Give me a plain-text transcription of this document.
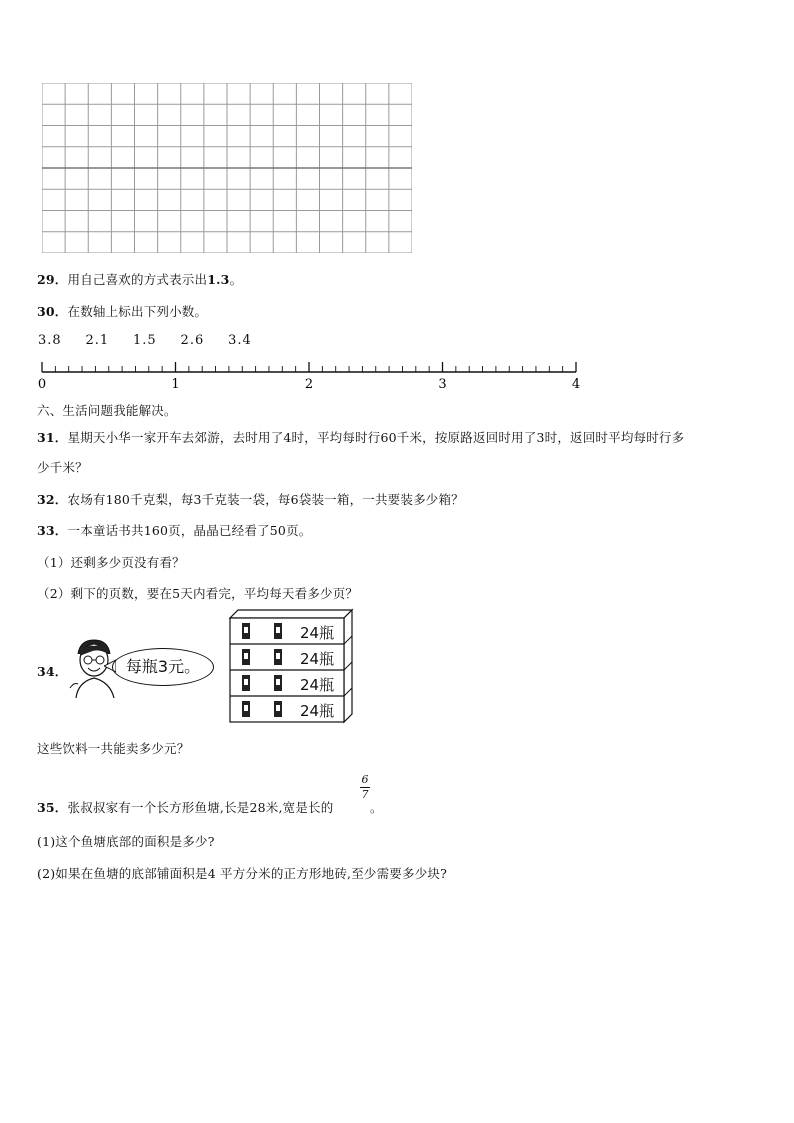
29．用自己喜欢的方式表示出1.3。
30．在数轴上标出下列小数。
3.8 2.1 1.5 2.6 3.4
0	1	2	3	4
六、生活问题我能解决。
31．星期天小华一家开车去郊游，去时用了4时，平均每时行60千米，按原路返回时用了3时，返回时平均每时行多
少千米？
32．农场有180千克梨，每3千克装一袋，每6袋装一箱，一共要装多少箱？
33．一本童话书共160页，晶晶已经看了50页。
（1）还剩多少页没有看？
（2）剩下的页数，要在5天内看完，平均每天看多少页？
34．	每瓶3元。
24瓶
24瓶
24瓶
24瓶
这些饮料一共能卖多少元？
35．张叔叔家有一个长方形鱼塘,长是28米,宽是长的
6
7
。
(1)这个鱼塘底部的面积是多少?
(2)如果在鱼塘的底部铺面积是4 平方分米的正方形地砖,至少需要多少块?
